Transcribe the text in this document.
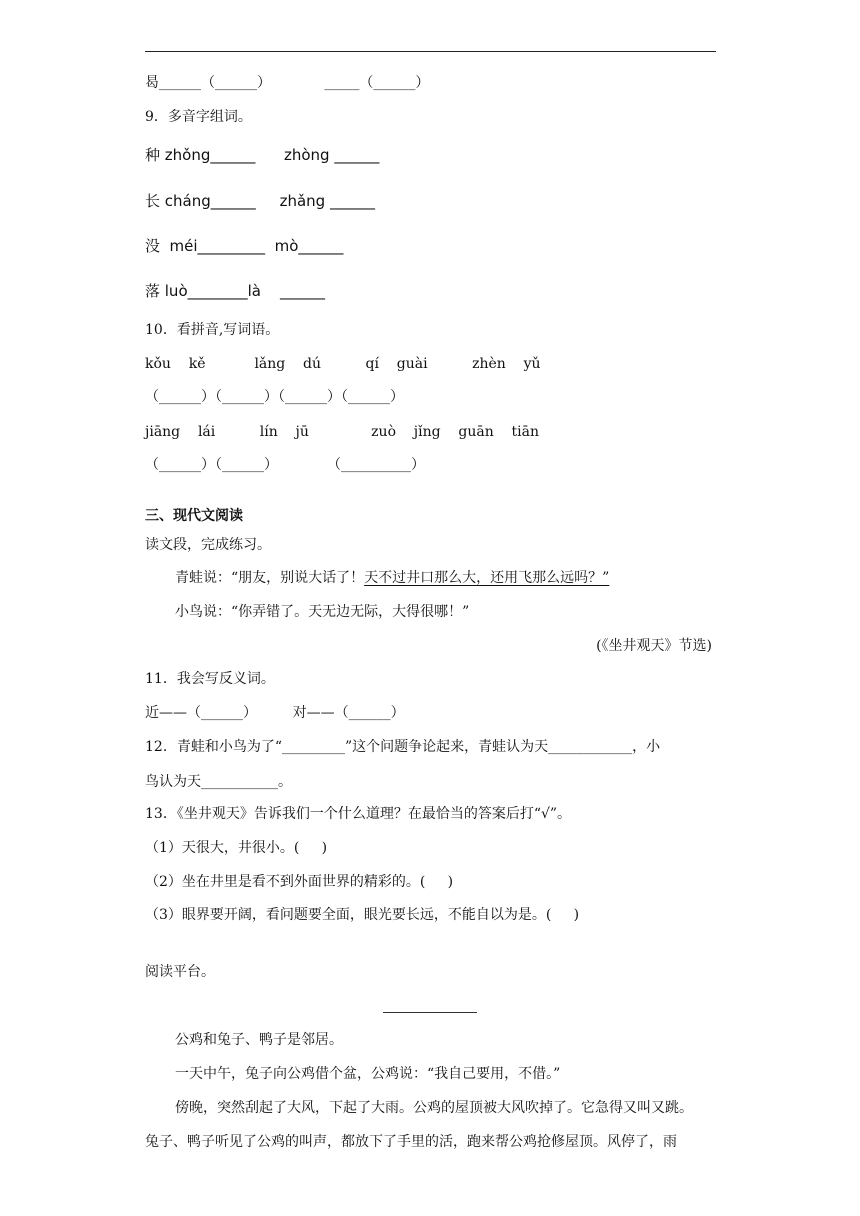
曷______（______）            _____（______）
9．多音字组词。
种 zhǒng______      zhòng ______
长 cháng______     zhǎng ______
没  méi_________  mò______
落 luò________là    ______
10．看拼音,写词语。
kǒu    kě           lǎng    dú          qí    guài          zhèn    yǔ
（______）（______）（______）（______）
jiāng    lái          lín    jū              zuò    jǐng    guān    tiān
（______）（______）           （__________）
三、现代文阅读
读文段，完成练习。
青蛙说：“朋友，别说大话了！天不过井口那么大，还用飞那么远吗？”
小鸟说：“你弄错了。天无边无际，大得很哪！”
(《坐井观天》节选)
11．我会写反义词。
近——（______）        对——（______）
12．青蛙和小鸟为了“_________”这个问题争论起来，青蛙认为天____________，小
鸟认为天___________。
13．《坐井观天》告诉我们一个什么道理？在最恰当的答案后打“√”。
（1）天很大，井很小。(     )
（2）坐在井里是看不到外面世界的精彩的。(     )
（3）眼界要开阔，看问题要全面，眼光要长远，不能自以为是。(     )
阅读平台。
公鸡和兔子、鸭子是邻居。
一天中午，兔子向公鸡借个盆，公鸡说：“我自己要用，不借。”
傍晚，突然刮起了大风，下起了大雨。公鸡的屋顶被大风吹掉了。它急得又叫又跳。
兔子、鸭子听见了公鸡的叫声，都放下了手里的活，跑来帮公鸡抢修屋顶。风停了，雨
